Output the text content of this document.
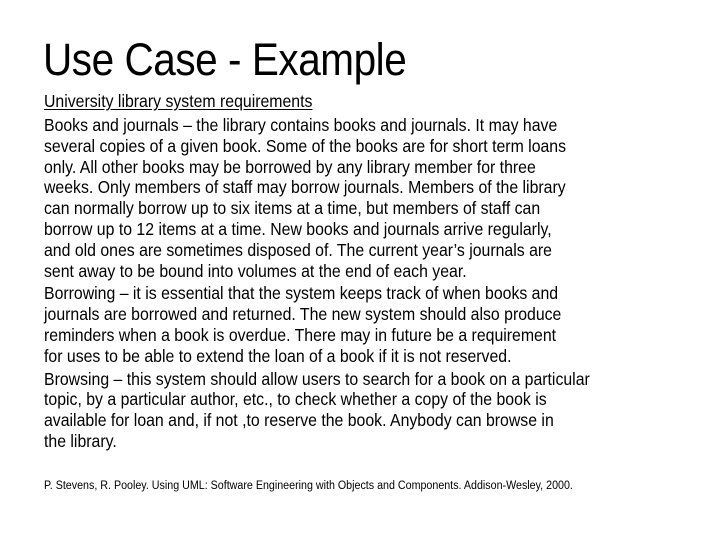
Use Case - Example
University library system requirements
Books and journals – the library contains books and journals. It may have
several copies of a given book. Some of the books are for short term loans
only. All other books may be borrowed by any library member for three
weeks. Only members of staff may borrow journals. Members of the library
can normally borrow up to six items at a time, but members of staff can
borrow up to 12 items at a time. New books and journals arrive regularly,
and old ones are sometimes disposed of. The current year’s journals are
sent away to be bound into volumes at the end of each year.
Borrowing – it is essential that the system keeps track of when books and
journals are borrowed and returned. The new system should also produce
reminders when a book is overdue. There may in future be a requirement
for uses to be able to extend the loan of a book if it is not reserved.
Browsing – this system should allow users to search for a book on a particular
topic, by a particular author, etc., to check whether a copy of the book is
available for loan and, if not ,to reserve the book. Anybody can browse in
the library.
P. Stevens, R. Pooley. Using UML: Software Engineering with Objects and Components. Addison-Wesley, 2000.
